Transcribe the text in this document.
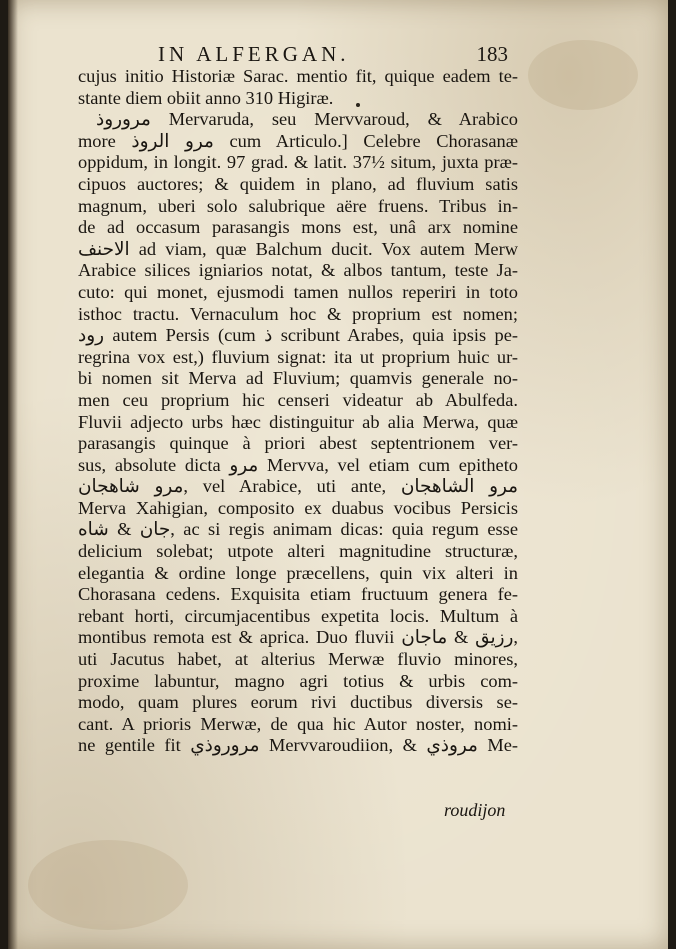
IN ALFERGAN.	183
cujus initio Historiæ Sarac. mentio fit, quique eadem te-
stante diem obiit anno 310 Higiræ.
مروروذ Mervaruda, seu Mervvaroud, & Arabico
more مرو الروذ cum Articulo.] Celebre Chorasanæ
oppidum, in longit. 97 grad. & latit. 37½ situm, juxta præ-
cipuos auctores; & quidem in plano, ad fluvium satis
magnum, uberi solo salubrique aëre fruens. Tribus in-
de ad occasum parasangis mons est, unâ arx nomine
الاحنف ad viam, quæ Balchum ducit. Vox autem Merw
Arabice silices igniarios notat, & albos tantum, teste Ja-
cuto: qui monet, ejusmodi tamen nullos reperiri in toto
isthoc tractu. Vernaculum hoc & proprium est nomen;
رود autem Persis (cum ذ scribunt Arabes, quia ipsis pe-
regrina vox est,) fluvium signat: ita ut proprium huic ur-
bi nomen sit Merva ad Fluvium; quamvis generale no-
men ceu proprium hic censeri videatur ab Abulfeda.
Fluvii adjecto urbs hæc distinguitur ab alia Merwa, quæ
parasangis quinque à priori abest septentrionem ver-
sus, absolute dicta مرو Mervva, vel etiam cum epitheto
مرو شاهجان, vel Arabice, uti ante, مرو الشاهجان
Merva Xahigian, composito ex duabus vocibus Persicis
جان & شاه, ac si regis animam dicas: quia regum esse
delicium solebat; utpote alteri magnitudine structuræ,
elegantia & ordine longe præcellens, quin vix alteri in
Chorasana cedens. Exquisita etiam fructuum genera fe-
rebant horti, circumjacentibus expetita locis. Multum à
montibus remota est & aprica. Duo fluvii رزيق & ماجان,
uti Jacutus habet, at alterius Merwæ fluvio minores,
proxime labuntur, magno agri totius & urbis com-
modo, quam plures eorum rivi ductibus diversis se-
cant. A prioris Merwæ, de qua hic Autor noster, nomi-
ne gentile fit مروروذي Mervvaroudiion, & مروذي Me-
roudijon
